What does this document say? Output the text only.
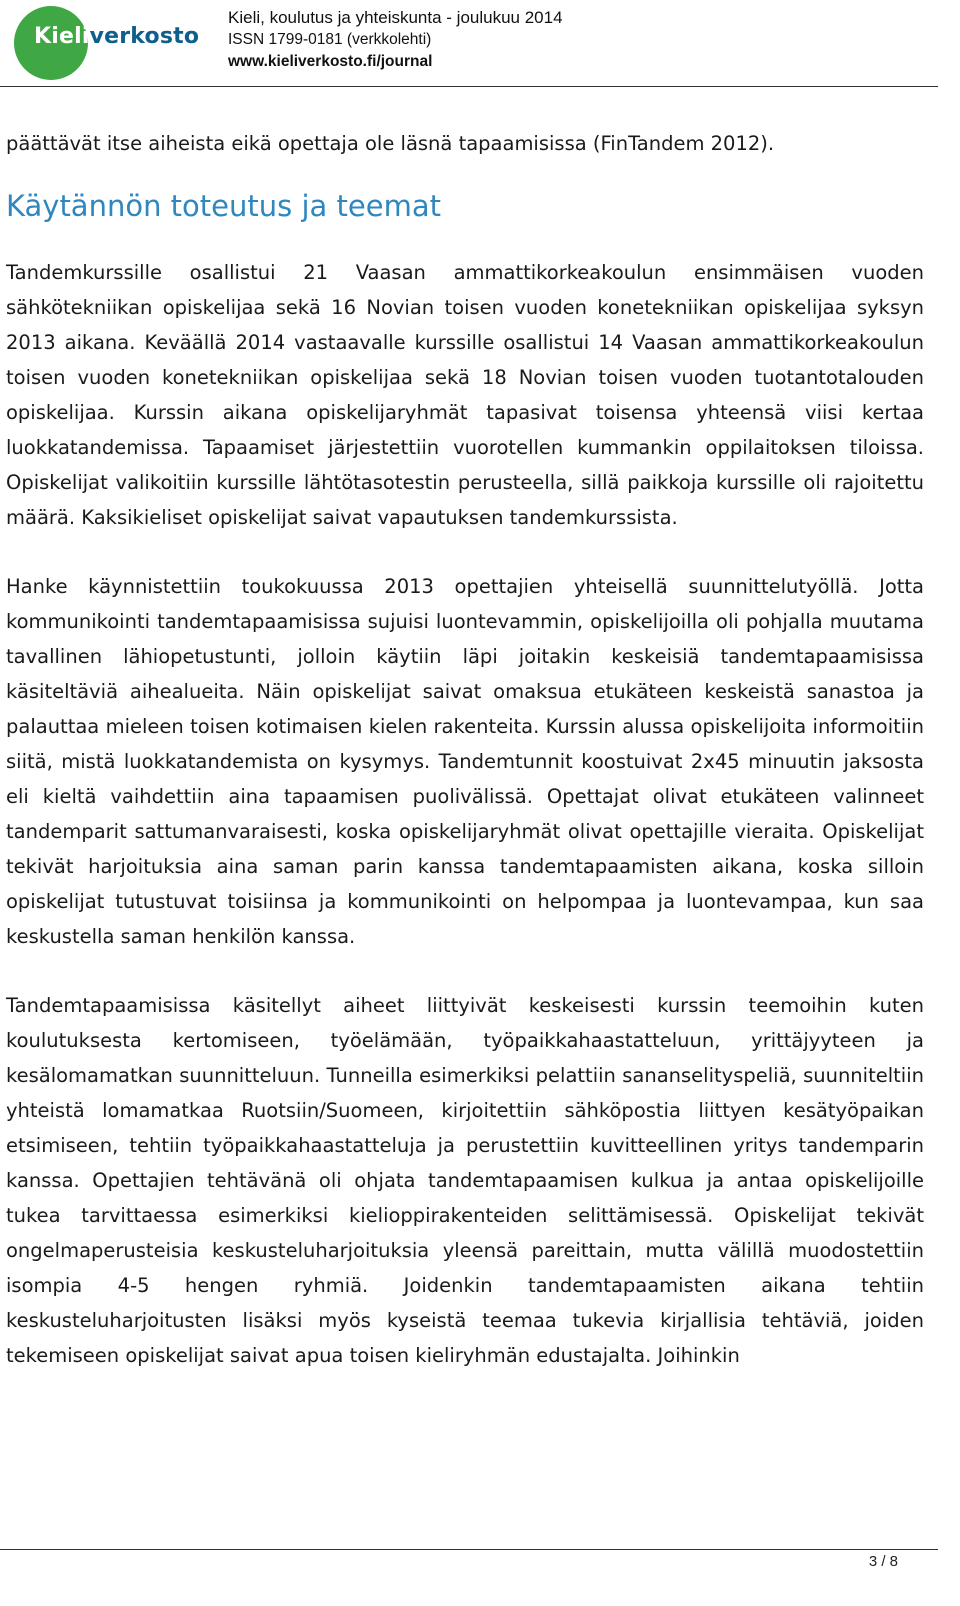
Kieliverkosto
Kieli, koulutus ja yhteiskunta - joulukuu 2014
ISSN 1799-0181 (verkkolehti)
www.kieliverkosto.fi/journal

päättävät itse aiheista eikä opettaja ole läsnä tapaamisissa (FinTandem 2012).

Käytännön toteutus ja teemat

Tandemkurssille osallistui 21 Vaasan ammattikorkeakoulun ensimmäisen vuoden sähkötekniikan opiskelijaa sekä 16 Novian toisen vuoden konetekniikan opiskelijaa syksyn 2013 aikana. Keväällä 2014 vastaavalle kurssille osallistui 14 Vaasan ammattikorkeakoulun toisen vuoden konetekniikan opiskelijaa sekä 18 Novian toisen vuoden tuotantotalouden opiskelijaa. Kurssin aikana opiskelijaryhmät tapasivat toisensa yhteensä viisi kertaa luokkatandemissa. Tapaamiset järjestettiin vuorotellen kummankin oppilaitoksen tiloissa. Opiskelijat valikoitiin kurssille lähtötasotestin perusteella, sillä paikkoja kurssille oli rajoitettu määrä. Kaksikieliset opiskelijat saivat vapautuksen tandemkurssista.

Hanke käynnistettiin toukokuussa 2013 opettajien yhteisellä suunnittelutyöllä. Jotta kommunikointi tandemtapaamisissa sujuisi luontevammin, opiskelijoilla oli pohjalla muutama tavallinen lähiopetustunti, jolloin käytiin läpi joitakin keskeisiä tandemtapaamisissa käsiteltäviä aihealueita. Näin opiskelijat saivat omaksua etukäteen keskeistä sanastoa ja palauttaa mieleen toisen kotimaisen kielen rakenteita. Kurssin alussa opiskelijoita informoitiin siitä, mistä luokkatandemista on kysymys. Tandemtunnit koostuivat 2x45 minuutin jaksosta eli kieltä vaihdettiin aina tapaamisen puolivälissä. Opettajat olivat etukäteen valinneet tandemparit sattumanvaraisesti, koska opiskelijaryhmät olivat opettajille vieraita. Opiskelijat tekivät harjoituksia aina saman parin kanssa tandemtapaamisten aikana, koska silloin opiskelijat tutustuvat toisiinsa ja kommunikointi on helpompaa ja luontevampaa, kun saa keskustella saman henkilön kanssa.

Tandemtapaamisissa käsitellyt aiheet liittyivät keskeisesti kurssin teemoihin kuten koulutuksesta kertomiseen, työelämään, työpaikkahaastatteluun, yrittäjyyteen ja kesälomamatkan suunnitteluun. Tunneilla esimerkiksi pelattiin sananselityspeliä, suunniteltiin yhteistä lomamatkaa Ruotsiin/Suomeen, kirjoitettiin sähköpostia liittyen kesätyöpaikan etsimiseen, tehtiin työpaikkahaastatteluja ja perustettiin kuvitteellinen yritys tandemparin kanssa. Opettajien tehtävänä oli ohjata tandemtapaamisen kulkua ja antaa opiskelijoille tukea tarvittaessa esimerkiksi kielioppirakenteiden selittämisessä. Opiskelijat tekivät ongelmaperusteisia keskusteluharjoituksia yleensä pareittain, mutta välillä muodostettiin isompia 4-5 hengen ryhmiä. Joidenkin tandemtapaamisten aikana tehtiin keskusteluharjoitusten lisäksi myös kyseistä teemaa tukevia kirjallisia tehtäviä, joiden tekemiseen opiskelijat saivat apua toisen kieliryhmän edustajalta. Joihinkin

3 / 8
